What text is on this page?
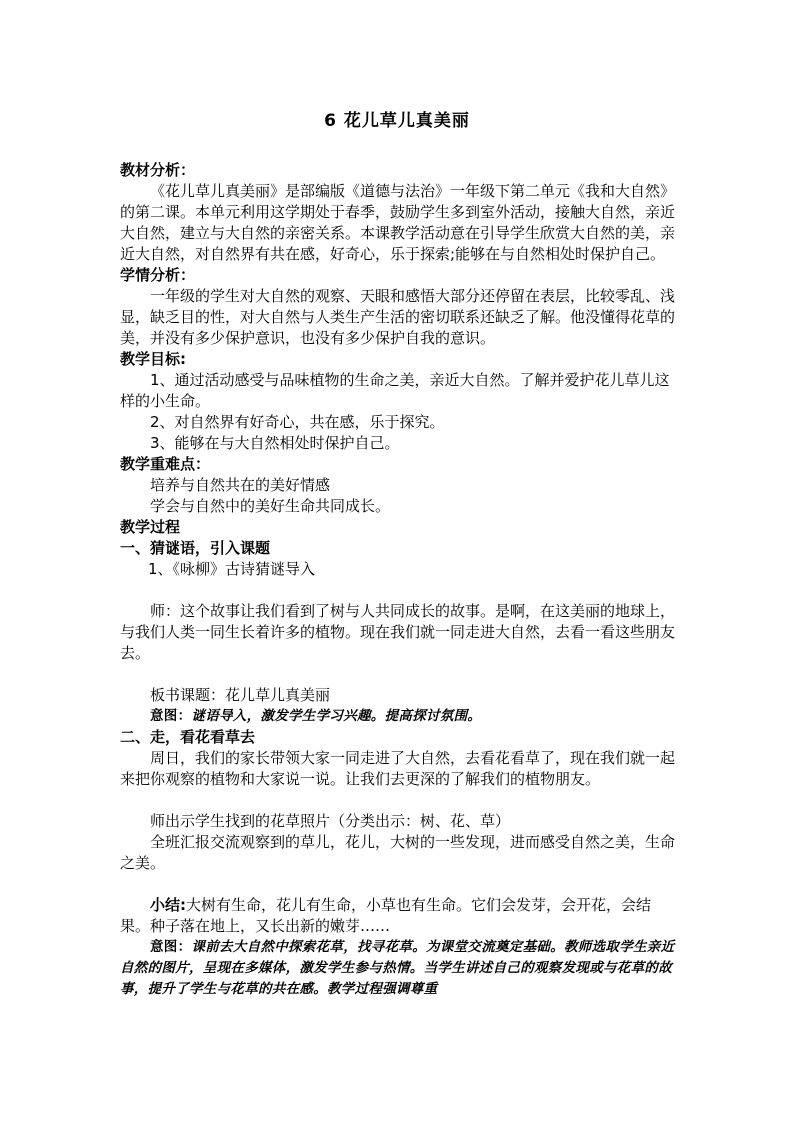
6 花儿草儿真美丽

教材分析：

《花儿草儿真美丽》是部编版《道德与法治》一年级下第二单元《我和大自然》的第二课。本单元利用这学期处于春季，鼓励学生多到室外活动，接触大自然，亲近大自然，建立与大自然的亲密关系。本课教学活动意在引导学生欣赏大自然的美，亲近大自然，对自然界有共在感，好奇心，乐于探索;能够在与自然相处时保护自己。

学情分析：

一年级的学生对大自然的观察、天眼和感悟大部分还停留在表层，比较零乱、浅显，缺乏目的性，对大自然与人类生产生活的密切联系还缺乏了解。他没懂得花草的美，并没有多少保护意识，也没有多少保护自我的意识。

教学目标:

1、通过活动感受与品味植物的生命之美，亲近大自然。了解并爱护花儿草儿这样的小生命。

2、对自然界有好奇心，共在感，乐于探究。

3、能够在与大自然相处时保护自己。

教学重难点：

培养与自然共在的美好情感

学会与自然中的美好生命共同成长。

教学过程

一、猜谜语，引入课题

1、《咏柳》古诗猜谜导入

师：这个故事让我们看到了树与人共同成长的故事。是啊，在这美丽的地球上，与我们人类一同生长着许多的植物。现在我们就一同走进大自然，去看一看这些朋友去。

板书课题：花儿草儿真美丽

意图：谜语导入，激发学生学习兴趣。提高探讨氛围。

二、走，看花看草去

周日，我们的家长带领大家一同走进了大自然，去看花看草了，现在我们就一起来把你观察的植物和大家说一说。让我们去更深的了解我们的植物朋友。

师出示学生找到的花草照片（分类出示：树、花、草）

全班汇报交流观察到的草儿，花儿，大树的一些发现，进而感受自然之美，生命之美。

小结:大树有生命，花儿有生命，小草也有生命。它们会发芽，会开花，会结果。种子落在地上，又长出新的嫩芽……

意图：课前去大自然中探索花草，找寻花草。为课堂交流奠定基础。教师选取学生亲近自然的图片，呈现在多媒体，激发学生参与热情。当学生讲述自己的观察发现或与花草的故事，提升了学生与花草的共在感。教学过程强调尊重
